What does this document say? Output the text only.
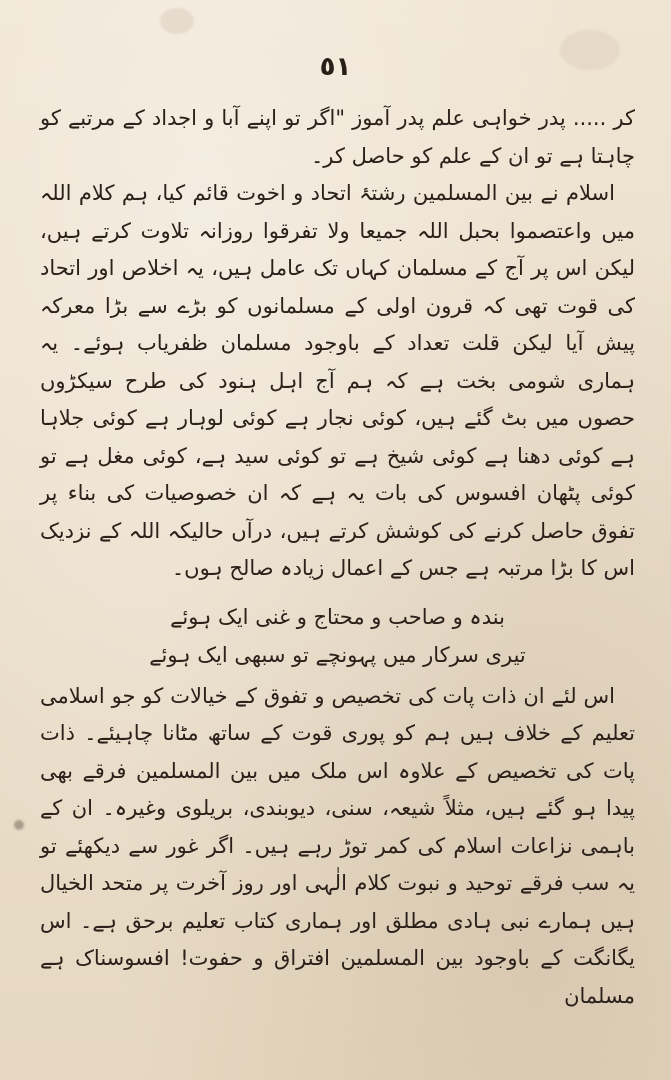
٥١

کر ..... پدر خواہی علم پدر آموز "اگر تو اپنے آبا و اجداد کے مرتبے کو چاہتا ہے تو ان کے علم کو حاصل کر۔

اسلام نے بین المسلمین رشتۂ اتحاد و اخوت قائم کیا، ہم کلام اللہ میں واعتصموا بحبل اللہ جمیعا ولا تفرقوا روزانہ تلاوت کرتے ہیں، لیکن اس پر آج کے مسلمان کہاں تک عامل ہیں، یہ اخلاص اور اتحاد کی قوت تھی کہ قرون اولی کے مسلمانوں کو بڑے سے بڑا معرکہ پیش آیا لیکن قلت تعداد کے باوجود مسلمان ظفریاب ہوئے۔ یہ ہماری شومی بخت ہے کہ ہم آج اہل ہنود کی طرح سیکڑوں حصوں میں بٹ گئے ہیں، کوئی نجار ہے کوئی لوہار ہے کوئی جلاہا ہے کوئی دھنا ہے کوئی شیخ ہے تو کوئی سید ہے، کوئی مغل ہے تو کوئی پٹھان افسوس کی بات یہ ہے کہ ان خصوصیات کی بناء پر تفوق حاصل کرنے کی کوشش کرتے ہیں، درآں حالیکہ اللہ کے نزدیک اس کا بڑا مرتبہ ہے جس کے اعمال زیادہ صالح ہوں۔

بندہ و صاحب و محتاج و غنی ایک ہوئے
تیری سرکار میں پہونچے تو سبھی ایک ہوئے

اس لئے ان ذات پات کی تخصیص و تفوق کے خیالات کو جو اسلامی تعلیم کے خلاف ہیں ہم کو پوری قوت کے ساتھ مٹانا چاہیئے۔ ذات پات کی تخصیص کے علاوہ اس ملک میں بین المسلمین فرقے بھی پیدا ہو گئے ہیں، مثلاً شیعہ، سنی، دیوبندی، بریلوی وغیرہ۔ ان کے باہمی نزاعات اسلام کی کمر توڑ رہے ہیں۔ اگر غور سے دیکھئے تو یہ سب فرقے توحید و نبوت کلام الٰہی اور روز آخرت پر متحد الخیال ہیں ہمارے نبی ہادی مطلق اور ہماری کتاب تعلیم برحق ہے۔ اس یگانگت کے باوجود بین المسلمین افتراق و حفوت! افسوسناک ہے مسلمان
